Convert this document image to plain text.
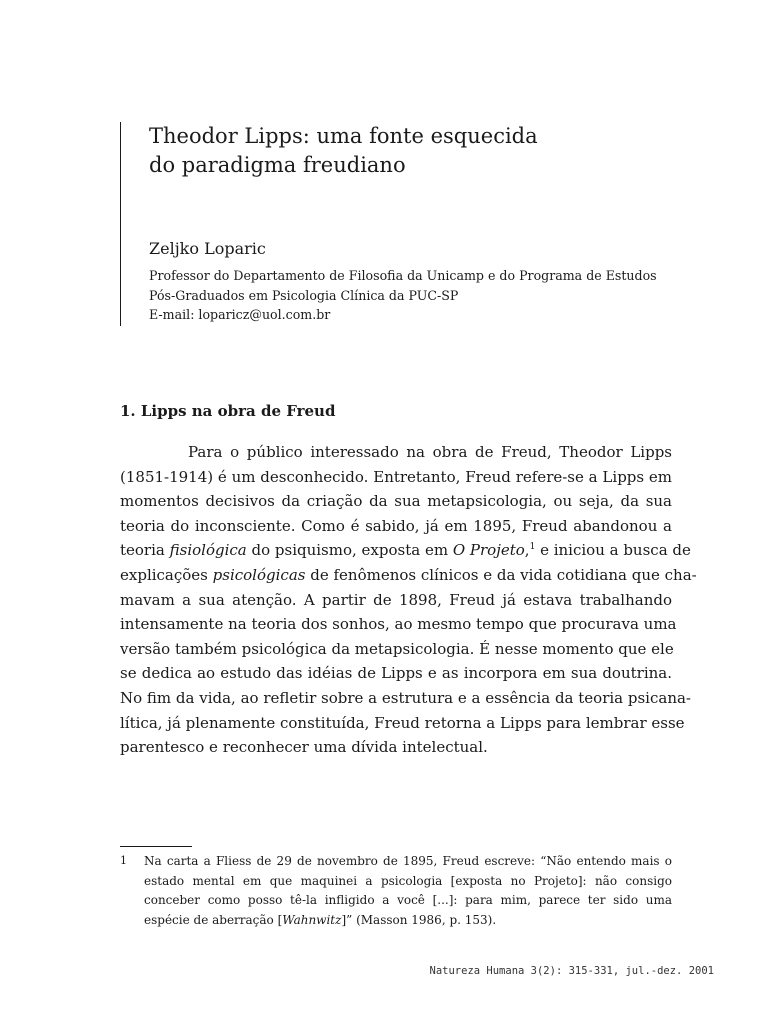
Theodor Lipps: uma fonte esquecida
do paradigma freudiano
Zeljko Loparic
Professor do Departamento de Filosofia da Unicamp e do Programa de Estudos
Pós-Graduados em Psicologia Clínica da PUC-SP
E-mail: loparicz@uol.com.br
1. Lipps na obra de Freud
Para o público interessado na obra de Freud, Theodor Lipps
(1851-1914) é um desconhecido. Entretanto, Freud refere-se a Lipps em
momentos decisivos da criação da sua metapsicologia, ou seja, da sua
teoria do inconsciente. Como é sabido, já em 1895, Freud abandonou a
teoria fisiológica do psiquismo, exposta em O Projeto,$^1$ e iniciou a busca de
explicações psicológicas de fenômenos clínicos e da vida cotidiana que cha-
mavam a sua atenção. A partir de 1898, Freud já estava trabalhando
intensamente na teoria dos sonhos, ao mesmo tempo que procurava uma
versão também psicológica da metapsicologia. É nesse momento que ele
se dedica ao estudo das idéias de Lipps e as incorpora em sua doutrina.
No fim da vida, ao refletir sobre a estrutura e a essência da teoria psicana-
lítica, já plenamente constituída, Freud retorna a Lipps para lembrar esse
parentesco e reconhecer uma dívida intelectual.
1 Na carta a Fliess de 29 de novembro de 1895, Freud escreve: “Não entendo mais o
estado mental em que maquinei a psicologia [exposta no Projeto]: não consigo
conceber como posso tê-la infligido a você [...]: para mim, parece ter sido uma
espécie de aberração [Wahnwitz]” (Masson 1986, p. 153).
Natureza Humana 3(2): 315-331, jul.-dez. 2001
